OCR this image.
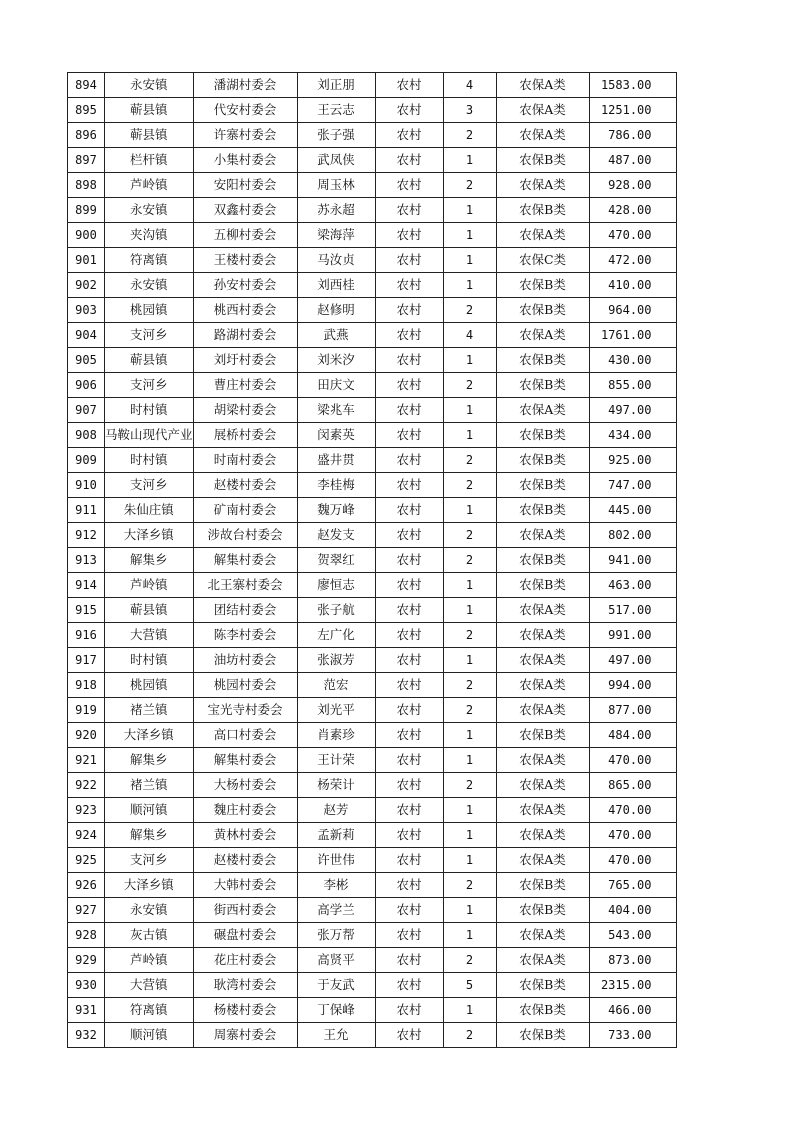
894	永安镇	潘湖村委会	刘正朋	农村	4	农保A类	1583.00
895	蕲县镇	代安村委会	王云志	农村	3	农保A类	1251.00
896	蕲县镇	许寨村委会	张子强	农村	2	农保A类	786.00
897	栏杆镇	小集村委会	武凤侠	农村	1	农保B类	487.00
898	芦岭镇	安阳村委会	周玉林	农村	2	农保A类	928.00
899	永安镇	双鑫村委会	苏永超	农村	1	农保B类	428.00
900	夹沟镇	五柳村委会	梁海萍	农村	1	农保A类	470.00
901	符离镇	王楼村委会	马汝贞	农村	1	农保C类	472.00
902	永安镇	孙安村委会	刘西桂	农村	1	农保B类	410.00
903	桃园镇	桃西村委会	赵修明	农村	2	农保B类	964.00
904	支河乡	路湖村委会	武燕	农村	4	农保A类	1761.00
905	蕲县镇	刘圩村委会	刘米汐	农村	1	农保B类	430.00
906	支河乡	曹庄村委会	田庆文	农村	2	农保B类	855.00
907	时村镇	胡梁村委会	梁兆车	农村	1	农保A类	497.00
908	马鞍山现代产业	展桥村委会	闵素英	农村	1	农保B类	434.00
909	时村镇	时南村委会	盛井贯	农村	2	农保B类	925.00
910	支河乡	赵楼村委会	李桂梅	农村	2	农保B类	747.00
911	朱仙庄镇	矿南村委会	魏万峰	农村	1	农保B类	445.00
912	大泽乡镇	涉故台村委会	赵发支	农村	2	农保A类	802.00
913	解集乡	解集村委会	贺翠红	农村	2	农保B类	941.00
914	芦岭镇	北王寨村委会	廖恒志	农村	1	农保B类	463.00
915	蕲县镇	团结村委会	张子航	农村	1	农保A类	517.00
916	大营镇	陈李村委会	左广化	农村	2	农保A类	991.00
917	时村镇	油坊村委会	张淑芳	农村	1	农保A类	497.00
918	桃园镇	桃园村委会	范宏	农村	2	农保A类	994.00
919	褚兰镇	宝光寺村委会	刘光平	农村	2	农保A类	877.00
920	大泽乡镇	高口村委会	肖素珍	农村	1	农保B类	484.00
921	解集乡	解集村委会	王计荣	农村	1	农保A类	470.00
922	褚兰镇	大杨村委会	杨荣计	农村	2	农保A类	865.00
923	顺河镇	魏庄村委会	赵芳	农村	1	农保A类	470.00
924	解集乡	黄林村委会	孟新莉	农村	1	农保A类	470.00
925	支河乡	赵楼村委会	许世伟	农村	1	农保A类	470.00
926	大泽乡镇	大韩村委会	李彬	农村	2	农保B类	765.00
927	永安镇	街西村委会	高学兰	农村	1	农保B类	404.00
928	灰古镇	碾盘村委会	张万帮	农村	1	农保A类	543.00
929	芦岭镇	花庄村委会	高贤平	农村	2	农保A类	873.00
930	大营镇	耿湾村委会	于友武	农村	5	农保B类	2315.00
931	符离镇	杨楼村委会	丁保峰	农村	1	农保B类	466.00
932	顺河镇	周寨村委会	王允	农村	2	农保B类	733.00
